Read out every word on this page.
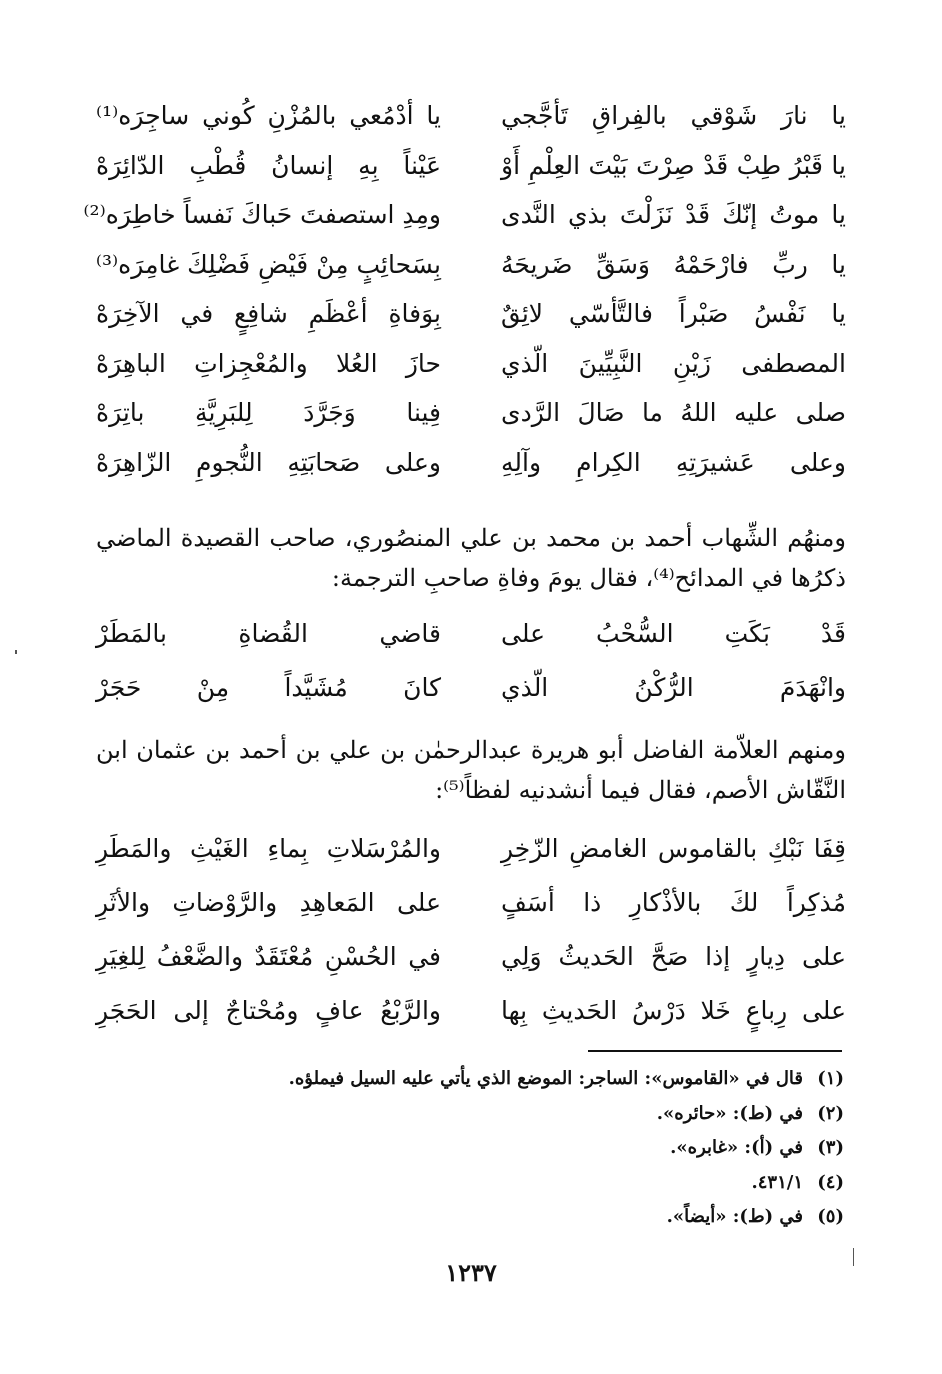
يا نارَ شَوْقي بالفِراقِ تَأجَّجي
يا أدْمُعي بالمُزْنِ كُوني ساجِرَه⁽¹⁾
يا قَبْرُ طِبْ قَدْ صِرْتَ بَيْتَ العِلْمِ أَوْ
عَيْناً بِهِ إنسانُ قُطْبِ الدّائِرَهْ
يا موتُ إنّكَ قَدْ نَزَلْتَ بذي النَّدى
ومِدِ استصفتَ حَباكَ نَفساً خاطِرَه⁽²⁾
يا ربِّ فارْحَمْهُ وَسَقِّ ضَريحَهُ
بِسَحائِبٍ مِنْ فَيْضِ فَضْلِكَ غامِرَه⁽³⁾
يا نَفْسُ صَبْراً فالتَّأسّي لائِقٌ
بِوَفاةِ أعْظَمِ شافِعٍ في الآخِرَهْ
المصطفى زَيْنِ النَّبِيِّينَ الّذي
حازَ العُلا والمُعْجِزاتِ الباهِرَهْ
صلى عليه اللهُ ما صَالَ الرَّدى
فِينا وَجَرَّدَ لِلبَرِيَّةِ باتِرَهْ
وعلى عَشيرَتِهِ الكِرامِ وآلِهِ
وعلى صَحابَتِهِ النُّجومِ الزّاهِرَهْ

ومنهُم الشِّهاب أحمد بن محمد بن علي المنصُوري، صاحب القصيدة الماضي ذكرُها في المدائح⁽⁴⁾، فقال يومَ وفاةِ صاحبِ الترجمة:

قَدْ بَكَتِ السُّحْبُ على
قاضي القُضاةِ بالمَطَرْ
وانْهَدَمَ الرُّكْنُ الّذي
كانَ مُشَيَّداً مِنْ حَجَرْ

ومنهم العلاّمة الفاضل أبو هريرة عبدالرحمٰن بن علي بن أحمد بن عثمان ابن النَّقّاش الأصم، فقال فيما أنشدنيه لفظاً⁽⁵⁾:

قِفَا نَبْكِ بالقاموس الغامضِ الزّخِرِ
والمُرْسَلاتِ بِماءِ الغَيْثِ والمَطَرِ
مُذكِراً لكَ بالأذْكارِ ذا أسَفٍ
على المَعاهِدِ والرَّوْضاتِ والأثَرِ
على دِيارٍ إذا صَحَّ الحَديثُ وَلِي
في الحُسْنِ مُعْتَقَدٌ والضَّعْفُ لِلغِيَرِ
على رِباعٍ خَلا دَرْسُ الحَديثِ بِها
والرَّبْعُ عافٍ ومُحْتاجٌ إلى الحَجَرِ
(١) قال في «القاموس»: الساجر: الموضع الذي يأتي عليه السيل فيملؤه.
(٢) في (ط): «حائره».
(٣) في (أ): «غابره».
(٤) ٤٣١/١.
(٥) في (ط): «أيضاً».
١٢٣٧
